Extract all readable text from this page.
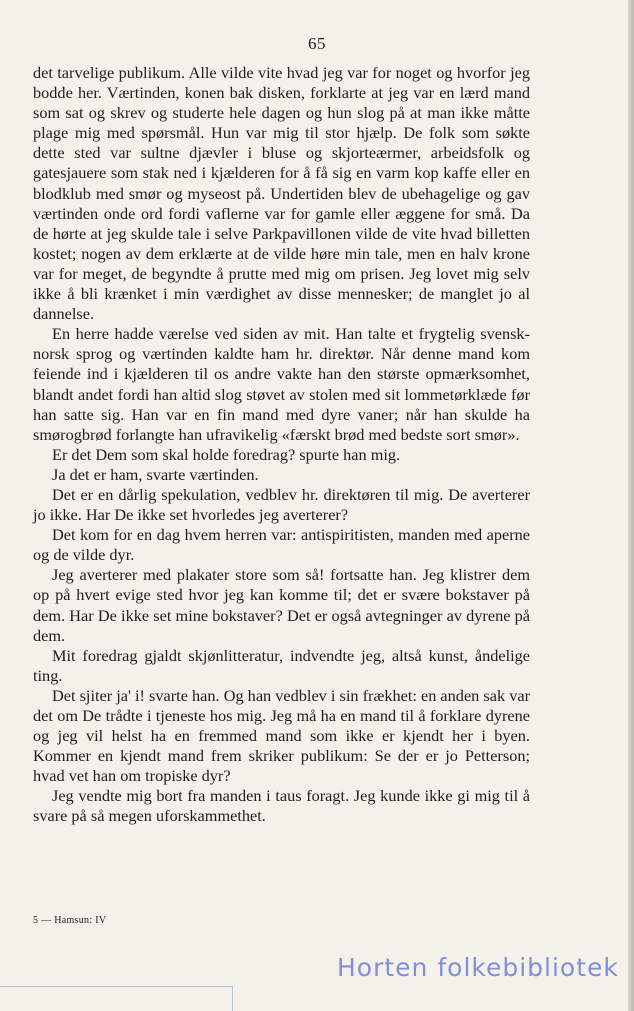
65

det tarvelige publikum. Alle vilde vite hvad jeg var for noget og hvorfor jeg bodde her. Værtinden, konen bak disken, forklarte at jeg var en lærd mand som sat og skrev og studerte hele dagen og hun slog på at man ikke måtte plage mig med spørsmål. Hun var mig til stor hjælp. De folk som søkte dette sted var sultne djævler i bluse og skjorteærmer, arbeidsfolk og gatesjauere som stak ned i kjælderen for å få sig en varm kop kaffe eller en blodklub med smør og myseost på. Undertiden blev de ubehagelige og gav værtinden onde ord fordi vaflerne var for gamle eller æggene for små. Da de hørte at jeg skulde tale i selve Parkpavillonen vilde de vite hvad billetten kostet; nogen av dem erklærte at de vilde høre min tale, men en halv krone var for meget, de begyndte å prutte med mig om prisen. Jeg lovet mig selv ikke å bli krænket i min værdighet av disse mennesker; de manglet jo al dannelse.

En herre hadde værelse ved siden av mit. Han talte et frygtelig svensk-norsk sprog og værtinden kaldte ham hr. direktør. Når denne mand kom feiende ind i kjælderen til os andre vakte han den største opmærksomhet, blandt andet fordi han altid slog støvet av stolen med sit lommetørklæde før han satte sig. Han var en fin mand med dyre vaner; når han skulde ha smørogbrød forlangte han ufravikelig «færskt brød med bedste sort smør».

Er det Dem som skal holde foredrag? spurte han mig.

Ja det er ham, svarte værtinden.

Det er en dårlig spekulation, vedblev hr. direktøren til mig. De averterer jo ikke. Har De ikke set hvorledes jeg averterer?

Det kom for en dag hvem herren var: antispiritisten, manden med aperne og de vilde dyr.

Jeg averterer med plakater store som så! fortsatte han. Jeg klistrer dem op på hvert evige sted hvor jeg kan komme til; det er svære bokstaver på dem. Har De ikke set mine bokstaver? Det er også avtegninger av dyrene på dem.

Mit foredrag gjaldt skjønlitteratur, indvendte jeg, altså kunst, åndelige ting.

Det sjiter ja' i! svarte han. Og han vedblev i sin frækhet: en anden sak var det om De trådte i tjeneste hos mig. Jeg må ha en mand til å forklare dyrene og jeg vil helst ha en fremmed mand som ikke er kjendt her i byen. Kommer en kjendt mand frem skriker publikum: Se der er jo Petterson; hvad vet han om tropiske dyr?

Jeg vendte mig bort fra manden i taus foragt. Jeg kunde ikke gi mig til å svare på så megen uforskammethet.

5 — Hamsun: IV
Horten folkebibliotek
